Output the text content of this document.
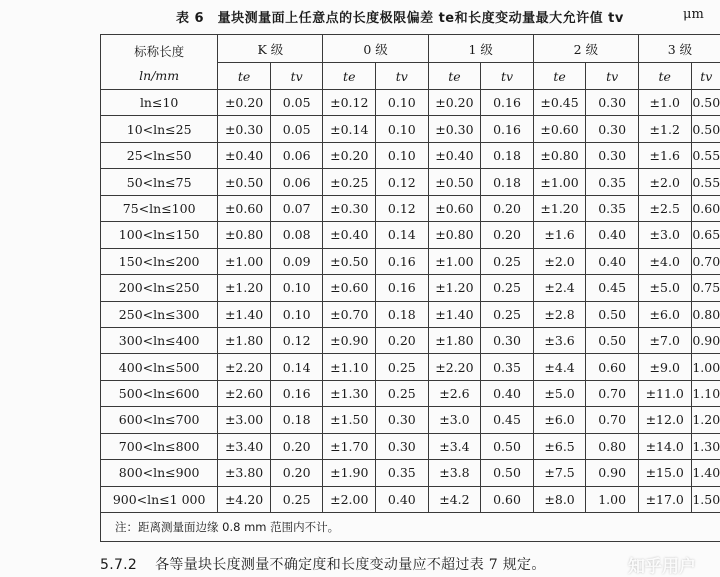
表 6　量块测量面上任意点的长度极限偏差 te和长度变动量最大允许值 tv	μm
标称长度
ln/mm	K 级		0 级		1 级		2 级		3 级	
	te	tv	te	tv	te	tv	te	tv	te	tv
ln≤10	±0.20	0.05	±0.12	0.10	±0.20	0.16	±0.45	0.30	±1.0	0.50
10<ln≤25	±0.30	0.05	±0.14	0.10	±0.30	0.16	±0.60	0.30	±1.2	0.50
25<ln≤50	±0.40	0.06	±0.20	0.10	±0.40	0.18	±0.80	0.30	±1.6	0.55
50<ln≤75	±0.50	0.06	±0.25	0.12	±0.50	0.18	±1.00	0.35	±2.0	0.55
75<ln≤100	±0.60	0.07	±0.30	0.12	±0.60	0.20	±1.20	0.35	±2.5	0.60
100<ln≤150	±0.80	0.08	±0.40	0.14	±0.80	0.20	±1.6	0.40	±3.0	0.65
150<ln≤200	±1.00	0.09	±0.50	0.16	±1.00	0.25	±2.0	0.40	±4.0	0.70
200<ln≤250	±1.20	0.10	±0.60	0.16	±1.20	0.25	±2.4	0.45	±5.0	0.75
250<ln≤300	±1.40	0.10	±0.70	0.18	±1.40	0.25	±2.8	0.50	±6.0	0.80
300<ln≤400	±1.80	0.12	±0.90	0.20	±1.80	0.30	±3.6	0.50	±7.0	0.90
400<ln≤500	±2.20	0.14	±1.10	0.25	±2.20	0.35	±4.4	0.60	±9.0	1.00
500<ln≤600	±2.60	0.16	±1.30	0.25	±2.6	0.40	±5.0	0.70	±11.0	1.10
600<ln≤700	±3.00	0.18	±1.50	0.30	±3.0	0.45	±6.0	0.70	±12.0	1.20
700<ln≤800	±3.40	0.20	±1.70	0.30	±3.4	0.50	±6.5	0.80	±14.0	1.30
800<ln≤900	±3.80	0.20	±1.90	0.35	±3.8	0.50	±7.5	0.90	±15.0	1.40
900<ln≤1 000	±4.20	0.25	±2.00	0.40	±4.2	0.60	±8.0	1.00	±17.0	1.50
注：距离测量面边缘 0.8 mm 范围内不计。										
5.7.2 各等量块长度测量不确定度和长度变动量应不超过表 7 规定。	知乎用户
